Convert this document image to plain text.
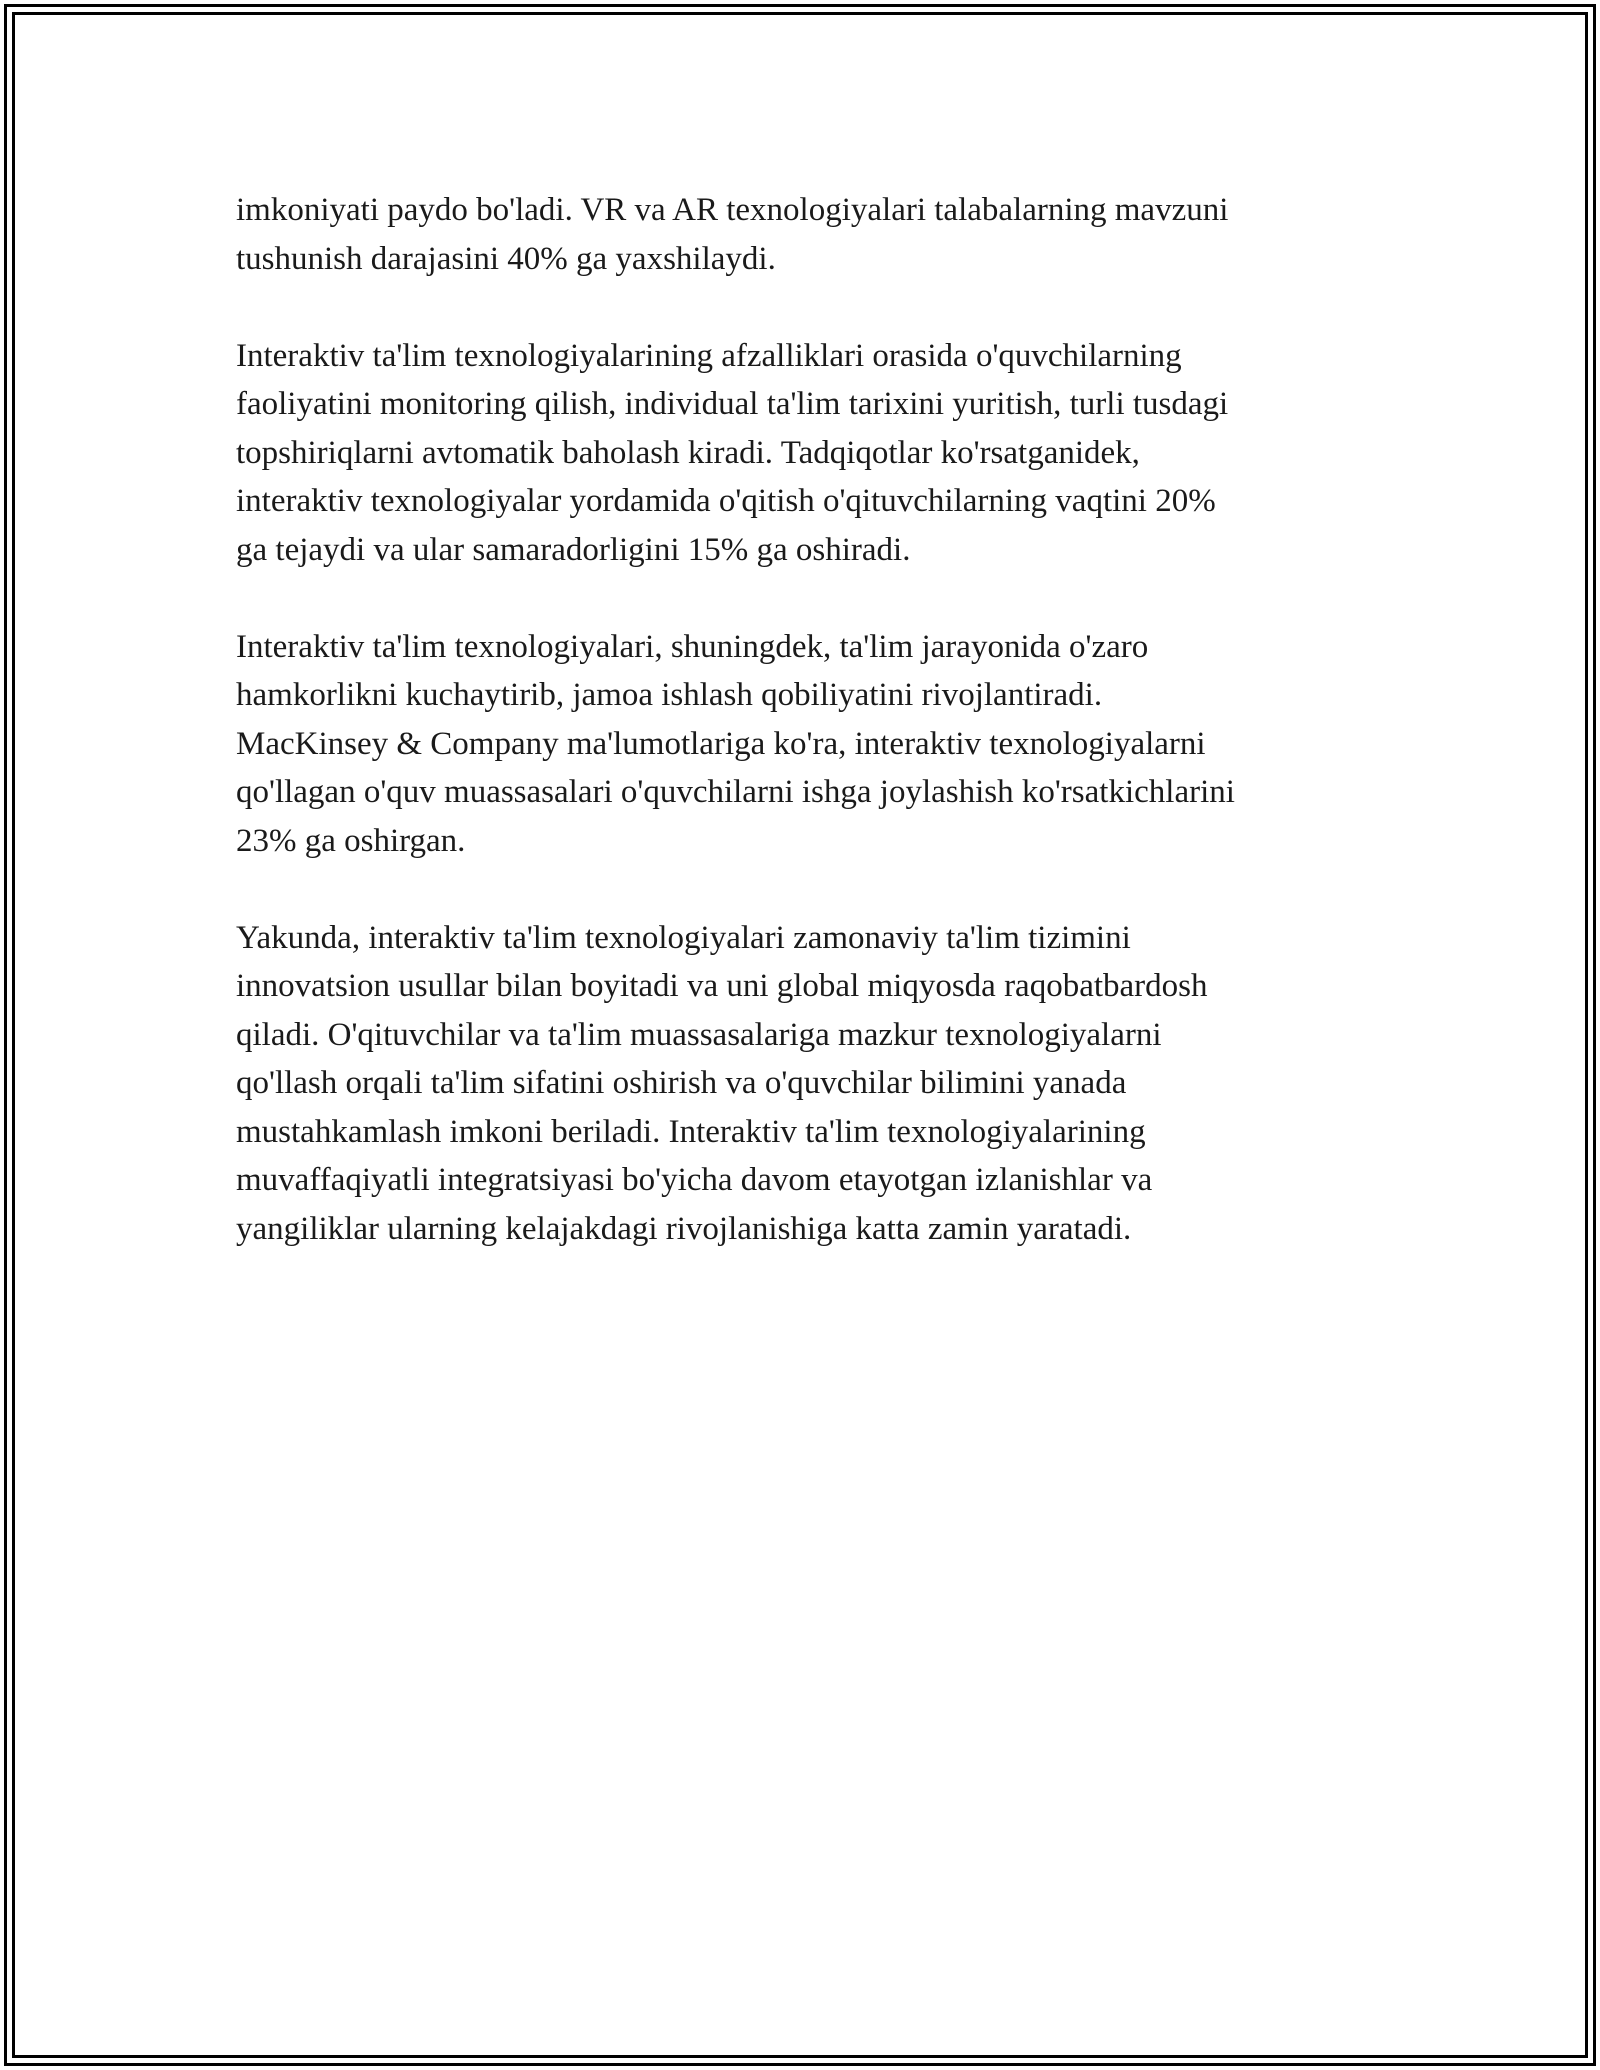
imkoniyati paydo bo'ladi. VR va AR texnologiyalari talabalarning mavzuni
tushunish darajasini 40% ga yaxshilaydi.

Interaktiv ta'lim texnologiyalarining afzalliklari orasida o'quvchilarning
faoliyatini monitoring qilish, individual ta'lim tarixini yuritish, turli tusdagi
topshiriqlarni avtomatik baholash kiradi. Tadqiqotlar ko'rsatganidek,
interaktiv texnologiyalar yordamida o'qitish o'qituvchilarning vaqtini 20%
ga tejaydi va ular samaradorligini 15% ga oshiradi.

Interaktiv ta'lim texnologiyalari, shuningdek, ta'lim jarayonida o'zaro
hamkorlikni kuchaytirib, jamoa ishlash qobiliyatini rivojlantiradi.
MacKinsey & Company ma'lumotlariga ko'ra, interaktiv texnologiyalarni
qo'llagan o'quv muassasalari o'quvchilarni ishga joylashish ko'rsatkichlarini
23% ga oshirgan.

Yakunda, interaktiv ta'lim texnologiyalari zamonaviy ta'lim tizimini
innovatsion usullar bilan boyitadi va uni global miqyosda raqobatbardosh
qiladi. O'qituvchilar va ta'lim muassasalariga mazkur texnologiyalarni
qo'llash orqali ta'lim sifatini oshirish va o'quvchilar bilimini yanada
mustahkamlash imkoni beriladi. Interaktiv ta'lim texnologiyalarining
muvaffaqiyatli integratsiyasi bo'yicha davom etayotgan izlanishlar va
yangiliklar ularning kelajakdagi rivojlanishiga katta zamin yaratadi.
